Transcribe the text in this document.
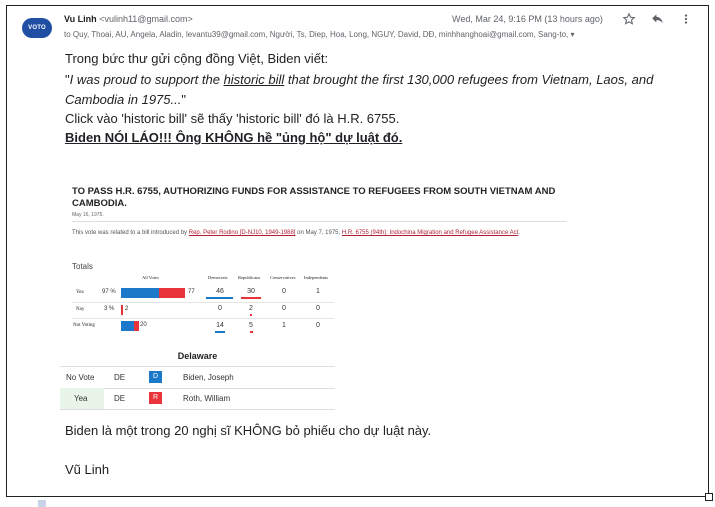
VOTO
Vu Linh <vulinh11@gmail.com>
to Quy, Thoai, AU, Angela, Aladin, levantu39@gmail.com, Người, Ts, Diep, Hoa, Long, NGUY, David, DĐ, minhhanghoai@gmail.com, Sang-to, ▾
Wed, Mar 24, 9:16 PM (13 hours ago)
Trong bức thư gửi cộng đồng Việt, Biden viết:
"I was proud to support the historic bill that brought the first 130,000 refugees from Vietnam, Laos, and Cambodia in 1975..."
Click vào 'historic bill' sẽ thấy 'historic bill' đó là H.R. 6755.
Biden NÓI LÁO!!! Ông KHÔNG hề "ủng hộ" dự luật đó.
TO PASS H.R. 6755, AUTHORIZING FUNDS FOR ASSISTANCE TO REFUGEES FROM SOUTH VIETNAM AND CAMBODIA.
May 16, 1975.
This vote was related to a bill introduced by Rep. Peter Rodino [D-NJ10, 1949-1988] on May 7, 1975, H.R. 6755 (94th): Indochina Migration and Refugee Assistance Act.
Totals
All Votes	Democrats Republicans Conservatives Independents
Yea	97 %	77	46	30	0	1
Nay	3 % 2	0	2	0	0
Not Voting	20	14	5	1	0
Delaware
No Vote DE	D	Biden, Joseph
Yea	DE	R	Roth, William
Biden là một trong 20 nghị sĩ KHÔNG bỏ phiếu cho dự luật này.
Vũ Linh
